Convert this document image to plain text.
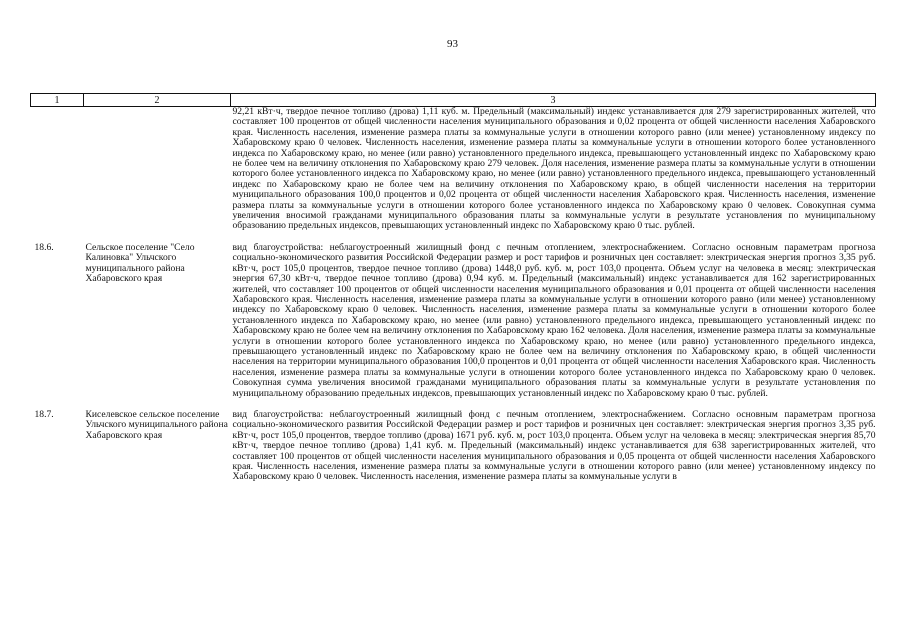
93
1	2	3
		92,21 кВт·ч, твердое печное топливо (дрова) 1,11 куб. м. Предельный (максимальный) индекс устанавливается для 279 зарегистрированных жителей, что составляет 100 процентов от общей численности населения муниципального образования и 0,02 процента от общей численности населения Хабаровского края. Численность населения, изменение размера платы за коммунальные услуги в отношении которого равно (или менее) установленному индексу по Хабаровскому краю 0 человек. Численность населения, изменение размера платы за коммунальные услуги в отношении которого более установленного индекса по Хабаровскому краю, но менее (или равно) установленного предельного индекса, превышающего установленный индекс по Хабаровскому краю не более чем на величину отклонения по Хабаровскому краю 279 человек. Доля населения, изменение размера платы за коммунальные услуги в отношении которого более установленного индекса по Хабаровскому краю, но менее (или равно) установленного предельного индекса, превышающего установленный индекс по Хабаровскому краю не более чем на величину отклонения по Хабаровскому краю, в общей численности населения на территории муниципального образования 100,0 процентов и 0,02 процента от общей численности населения Хабаровского края. Численность населения, изменение размера платы за коммунальные услуги в отношении которого более установленного индекса по Хабаровскому краю 0 человек. Совокупная сумма увеличения вносимой гражданами муниципального образования платы за коммунальные услуги в результате установления по муниципальному образованию предельных индексов, превышающих установленный индекс по Хабаровскому краю 0 тыс. рублей.
18.6.	Сельское поселение "Село Калиновка" Ульчского муниципального района Хабаровского края	вид благоустройства: неблагоустроенный жилищный фонд с печным отоплением, электроснабжением. Согласно основным параметрам прогноза социально-экономического развития Российской Федерации размер и рост тарифов и розничных цен составляет: электрическая энергия прогноз 3,35 руб. кВт·ч, рост 105,0 процентов, твердое печное топливо (дрова) 1448,0 руб. куб. м, рост 103,0 процента. Объем услуг на человека в месяц: электрическая энергия 67,30 кВт·ч, твердое печное топливо (дрова) 0,94 куб. м. Предельный (максимальный) индекс устанавливается для 162 зарегистрированных жителей, что составляет 100 процентов от общей численности населения муниципального образования и 0,01 процента от общей численности населения Хабаровского края. Численность населения, изменение размера платы за коммунальные услуги в отношении которого равно (или менее) установленному индексу по Хабаровскому краю 0 человек. Численность населения, изменение размера платы за коммунальные услуги в отношении которого более установленного индекса по Хабаровскому краю, но менее (или равно) установленного предельного индекса, превышающего установленный индекс по Хабаровскому краю не более чем на величину отклонения по Хабаровскому краю 162 человека. Доля населения, изменение размера платы за коммунальные услуги в отношении которого более установленного индекса по Хабаровскому краю, но менее (или равно) установленного предельного индекса, превышающего установленный индекс по Хабаровскому краю не более чем на величину отклонения по Хабаровскому краю, в общей численности населения на территории муниципального образования 100,0 процентов и 0,01 процента от общей численности населения Хабаровского края. Численность населения, изменение размера платы за коммунальные услуги в отношении которого более установленного индекса по Хабаровскому краю 0 человек. Совокупная сумма увеличения вносимой гражданами муниципального образования платы за коммунальные услуги в результате установления по муниципальному образованию предельных индексов, превышающих установленный индекс по Хабаровскому краю 0 тыс. рублей.
18.7.	Киселевское сельское поселение Ульчского муниципального района Хабаровского края	вид благоустройства: неблагоустроенный жилищный фонд с печным отоплением, электроснабжением. Согласно основным параметрам прогноза социально-экономического развития Российской Федерации размер и рост тарифов и розничных цен составляет: электрическая энергия прогноз 3,35 руб. кВт·ч, рост 105,0 процентов, твердое топливо (дрова) 1671 руб. куб. м, рост 103,0 процента. Объем услуг на человека в месяц: электрическая энергия 85,70 кВт·ч, твердое печное топливо (дрова) 1,41 куб. м. Предельный (максимальный) индекс устанавливается для 638 зарегистрированных жителей, что составляет 100 процентов от общей численности населения муниципального образования и 0,05 процента от общей численности населения Хабаровского края. Численность населения, изменение размера платы за коммунальные услуги в отношении которого равно (или менее) установленному индексу по Хабаровскому краю 0 человек. Численность населения, изменение размера платы за коммунальные услуги в
